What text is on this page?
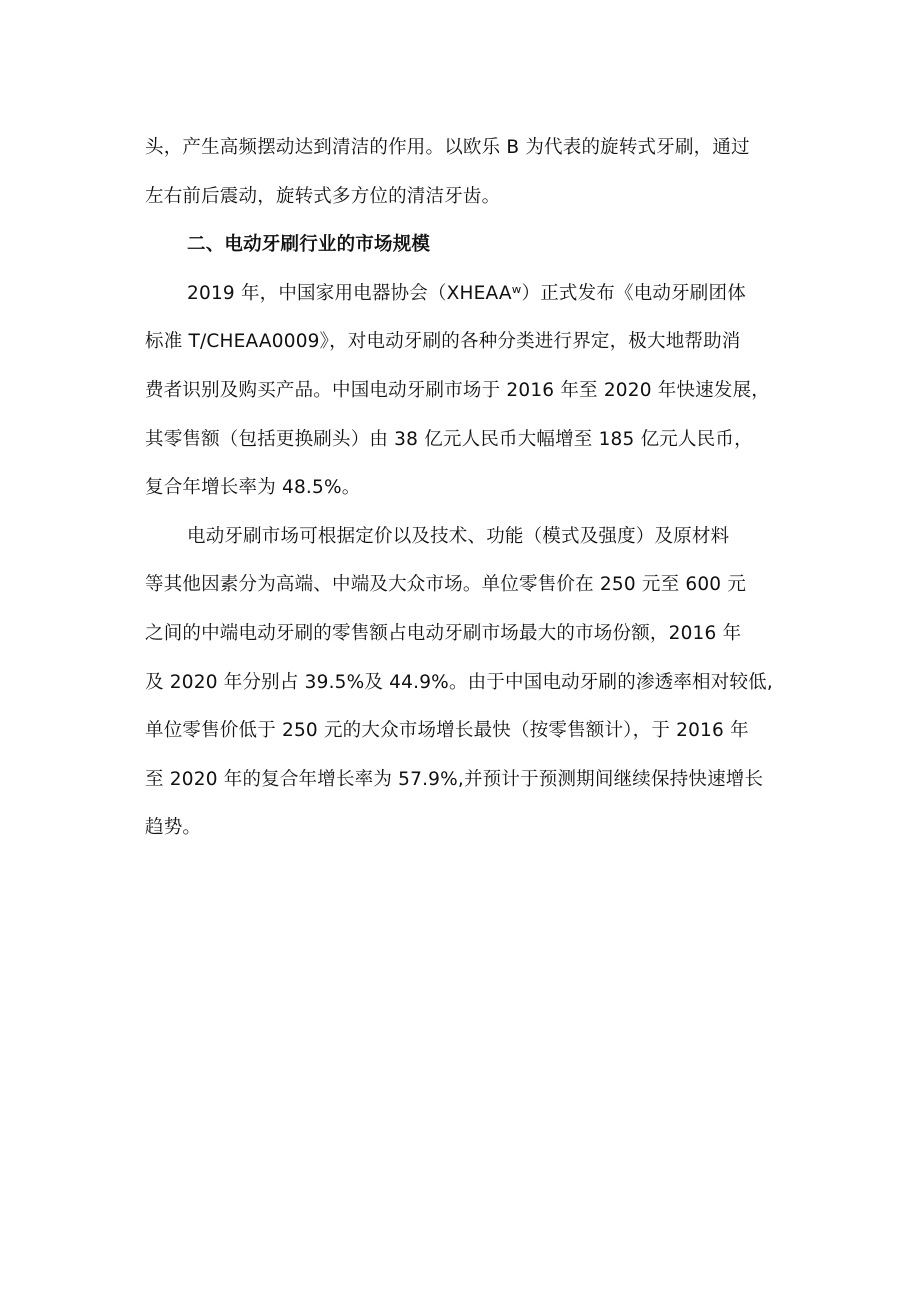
头，产生高频摆动达到清洁的作用。以欧乐 B 为代表的旋转式牙刷，通过
左右前后震动，旋转式多方位的清洁牙齿。
二、电动牙刷行业的市场规模
2019 年，中国家用电器协会（XHEAAʷ）正式发布《电动牙刷团体
标准 T/CHEAA0009》，对电动牙刷的各种分类进行界定，极大地帮助消
费者识别及购买产品。中国电动牙刷市场于 2016 年至 2020 年快速发展，
其零售额（包括更换刷头）由 38 亿元人民币大幅增至 185 亿元人民币，
复合年增长率为 48.5%。
电动牙刷市场可根据定价以及技术、功能（模式及强度）及原材料
等其他因素分为高端、中端及大众市场。单位零售价在 250 元至 600 元
之间的中端电动牙刷的零售额占电动牙刷市场最大的市场份额，2016 年
及 2020 年分别占 39.5%及 44.9%。由于中国电动牙刷的渗透率相对较低,
单位零售价低于 250 元的大众市场增长最快（按零售额计），于 2016 年
至 2020 年的复合年增长率为 57.9%,并预计于预测期间继续保持快速增长
趋势。
